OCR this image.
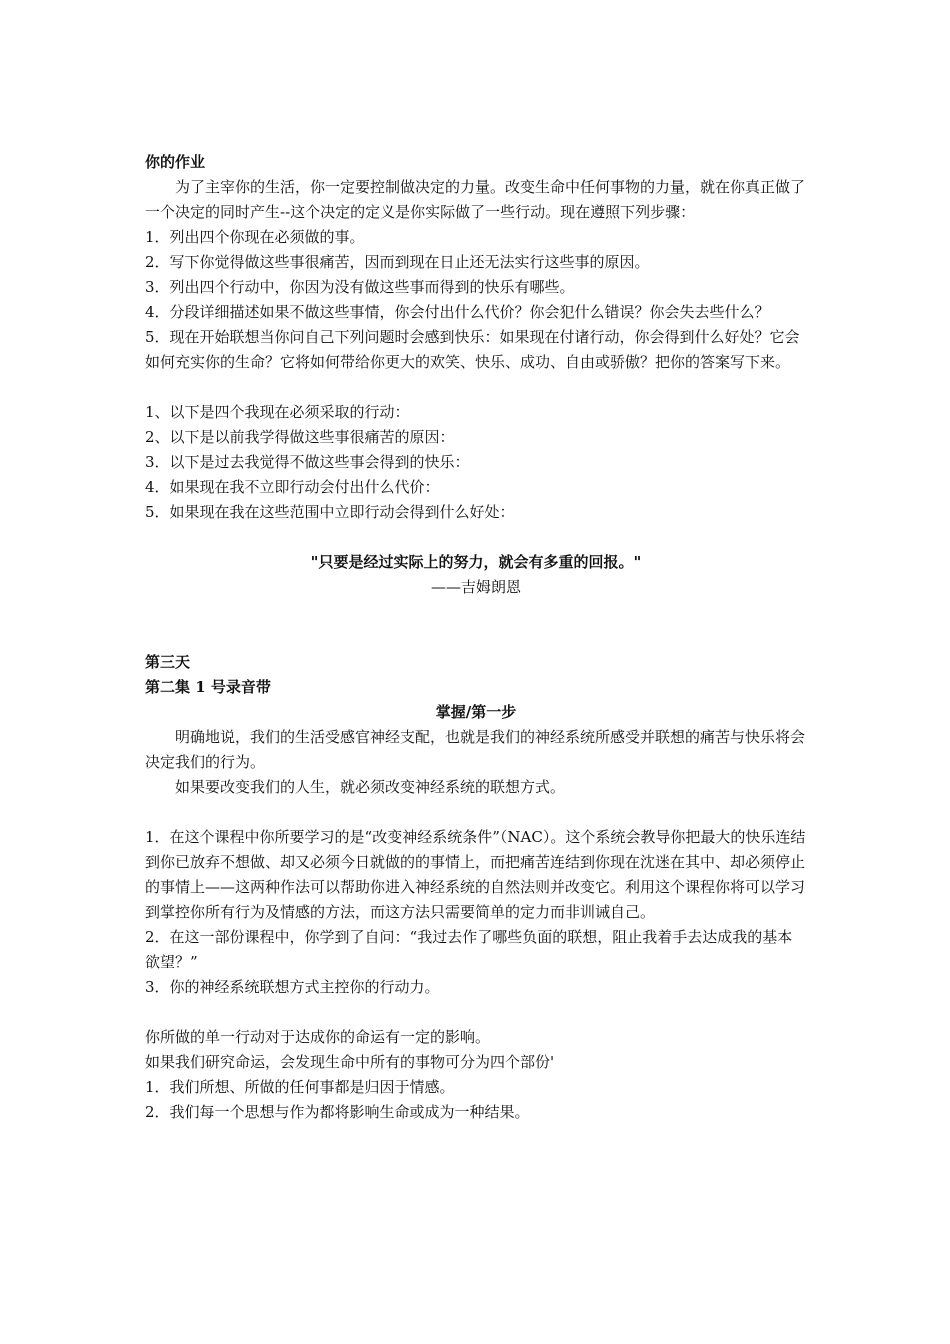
你的作业

为了主宰你的生活，你一定要控制做决定的力量。改变生命中任何事物的力量，就在你真正做了一个决定的同时产生--这个决定的定义是你实际做了一些行动。现在遵照下列步骤：

1．列出四个你现在必须做的事。

2．写下你觉得做这些事很痛苦，因而到现在日止还无法实行这些事的原因。

3．列出四个行动中，你因为没有做这些事而得到的快乐有哪些。

4．分段详细描述如果不做这些事情，你会付出什么代价？你会犯什么错误？你会失去些什么？

5．现在开始联想当你问自己下列问题时会感到快乐：如果现在付诸行动，你会得到什么好处？它会如何充实你的生命？它将如何带给你更大的欢笑、快乐、成功、自由或骄傲？把你的答案写下来。

1、以下是四个我现在必须采取的行动：

2、以下是以前我学得做这些事很痛苦的原因：

3．以下是过去我觉得不做这些事会得到的快乐：

4．如果现在我不立即行动会付出什么代价：

5．如果现在我在这些范围中立即行动会得到什么好处：

"只要是经过实际上的努力，就会有多重的回报。"

——吉姆朗恩

第三天

第二集 1 号录音带

掌握/第一步

明确地说，我们的生活受感官神经支配，也就是我们的神经系统所感受并联想的痛苦与快乐将会决定我们的行为。

如果要改变我们的人生，就必须改变神经系统的联想方式。

1．在这个课程中你所要学习的是“改变神经系统条件”（NAC）。这个系统会教导你把最大的快乐连结到你已放弃不想做、却又必须今日就做的的事情上，而把痛苦连结到你现在沈迷在其中、却必须停止的事情上——这两种作法可以帮助你进入神经系统的自然法则并改变它。利用这个课程你将可以学习到掌控你所有行为及情感的方法，而这方法只需要简单的定力而非训诫自己。

2．在这一部份课程中，你学到了自问：“我过去作了哪些负面的联想，阻止我着手去达成我的基本欲望？”

3．你的神经系统联想方式主控你的行动力。

你所做的单一行动对于达成你的命运有一定的影响。

如果我们研究命运，会发现生命中所有的事物可分为四个部份'

1．我们所想、所做的任何事都是归因于情感。

2．我们每一个思想与作为都将影响生命或成为一种结果。
